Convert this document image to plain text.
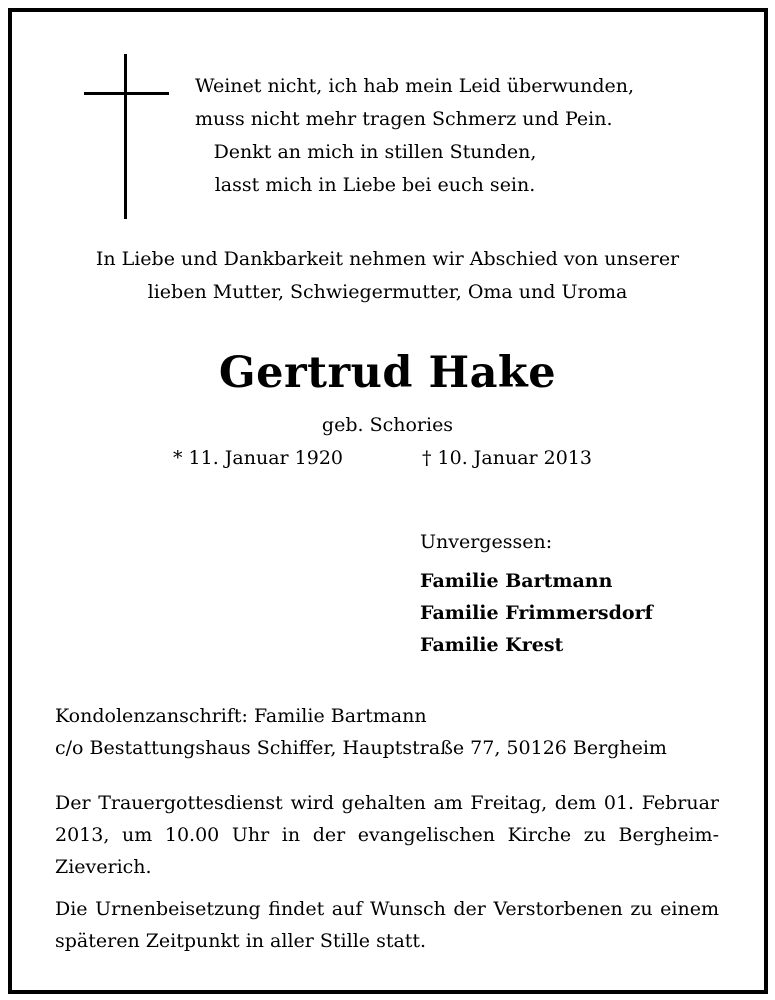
Weinet nicht, ich hab mein Leid überwunden,
muss nicht mehr tragen Schmerz und Pein.
Denkt an mich in stillen Stunden,
lasst mich in Liebe bei euch sein.
In Liebe und Dankbarkeit nehmen wir Abschied von unserer
lieben Mutter, Schwiegermutter, Oma und Uroma
Gertrud Hake
geb. Schories
* 11. Januar 1920	† 10. Januar 2013
Unvergessen:
Familie Bartmann
Familie Frimmersdorf
Familie Krest
Kondolenzanschrift: Familie Bartmann
c/o Bestattungshaus Schiffer, Hauptstraße 77, 50126 Bergheim
Der Trauergottesdienst wird gehalten am Freitag, dem 01. Februar 2013, um 10.00 Uhr in der evangelischen Kirche zu Bergheim-Zieverich.
Die Urnenbeisetzung findet auf Wunsch der Verstorbenen zu einem späteren Zeitpunkt in aller Stille statt.
